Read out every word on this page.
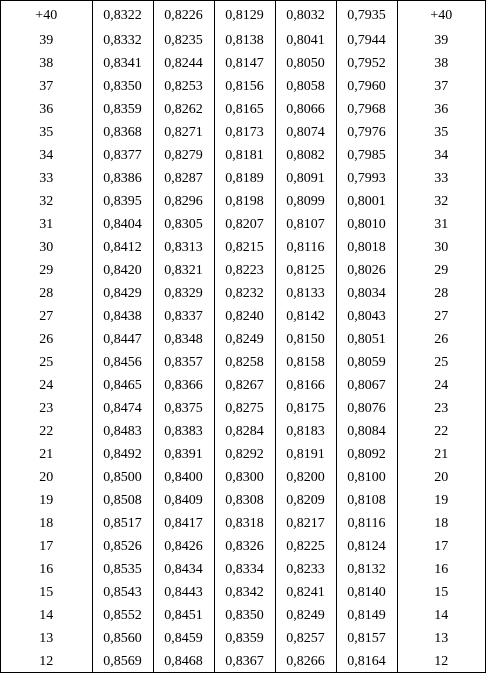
+40	0,8322	0,8226	0,8129	0,8032	0,7935	+40
39	0,8332	0,8235	0,8138	0,8041	0,7944	39
38	0,8341	0,8244	0,8147	0,8050	0,7952	38
37	0,8350	0,8253	0,8156	0,8058	0,7960	37
36	0,8359	0,8262	0,8165	0,8066	0,7968	36
35	0,8368	0,8271	0,8173	0,8074	0,7976	35
34	0,8377	0,8279	0,8181	0,8082	0,7985	34
33	0,8386	0,8287	0,8189	0,8091	0,7993	33
32	0,8395	0,8296	0,8198	0,8099	0,8001	32
31	0,8404	0,8305	0,8207	0,8107	0,8010	31
30	0,8412	0,8313	0,8215	0,8116	0,8018	30
29	0,8420	0,8321	0,8223	0,8125	0,8026	29
28	0,8429	0,8329	0,8232	0,8133	0,8034	28
27	0,8438	0,8337	0,8240	0,8142	0,8043	27
26	0,8447	0,8348	0,8249	0,8150	0,8051	26
25	0,8456	0,8357	0,8258	0,8158	0,8059	25
24	0,8465	0,8366	0,8267	0,8166	0,8067	24
23	0,8474	0,8375	0,8275	0,8175	0,8076	23
22	0,8483	0,8383	0,8284	0,8183	0,8084	22
21	0,8492	0,8391	0,8292	0,8191	0,8092	21
20	0,8500	0,8400	0,8300	0,8200	0,8100	20
19	0,8508	0,8409	0,8308	0,8209	0,8108	19
18	0,8517	0,8417	0,8318	0,8217	0,8116	18
17	0,8526	0,8426	0,8326	0,8225	0,8124	17
16	0,8535	0,8434	0,8334	0,8233	0,8132	16
15	0,8543	0,8443	0,8342	0,8241	0,8140	15
14	0,8552	0,8451	0,8350	0,8249	0,8149	14
13	0,8560	0,8459	0,8359	0,8257	0,8157	13
12	0,8569	0,8468	0,8367	0,8266	0,8164	12
